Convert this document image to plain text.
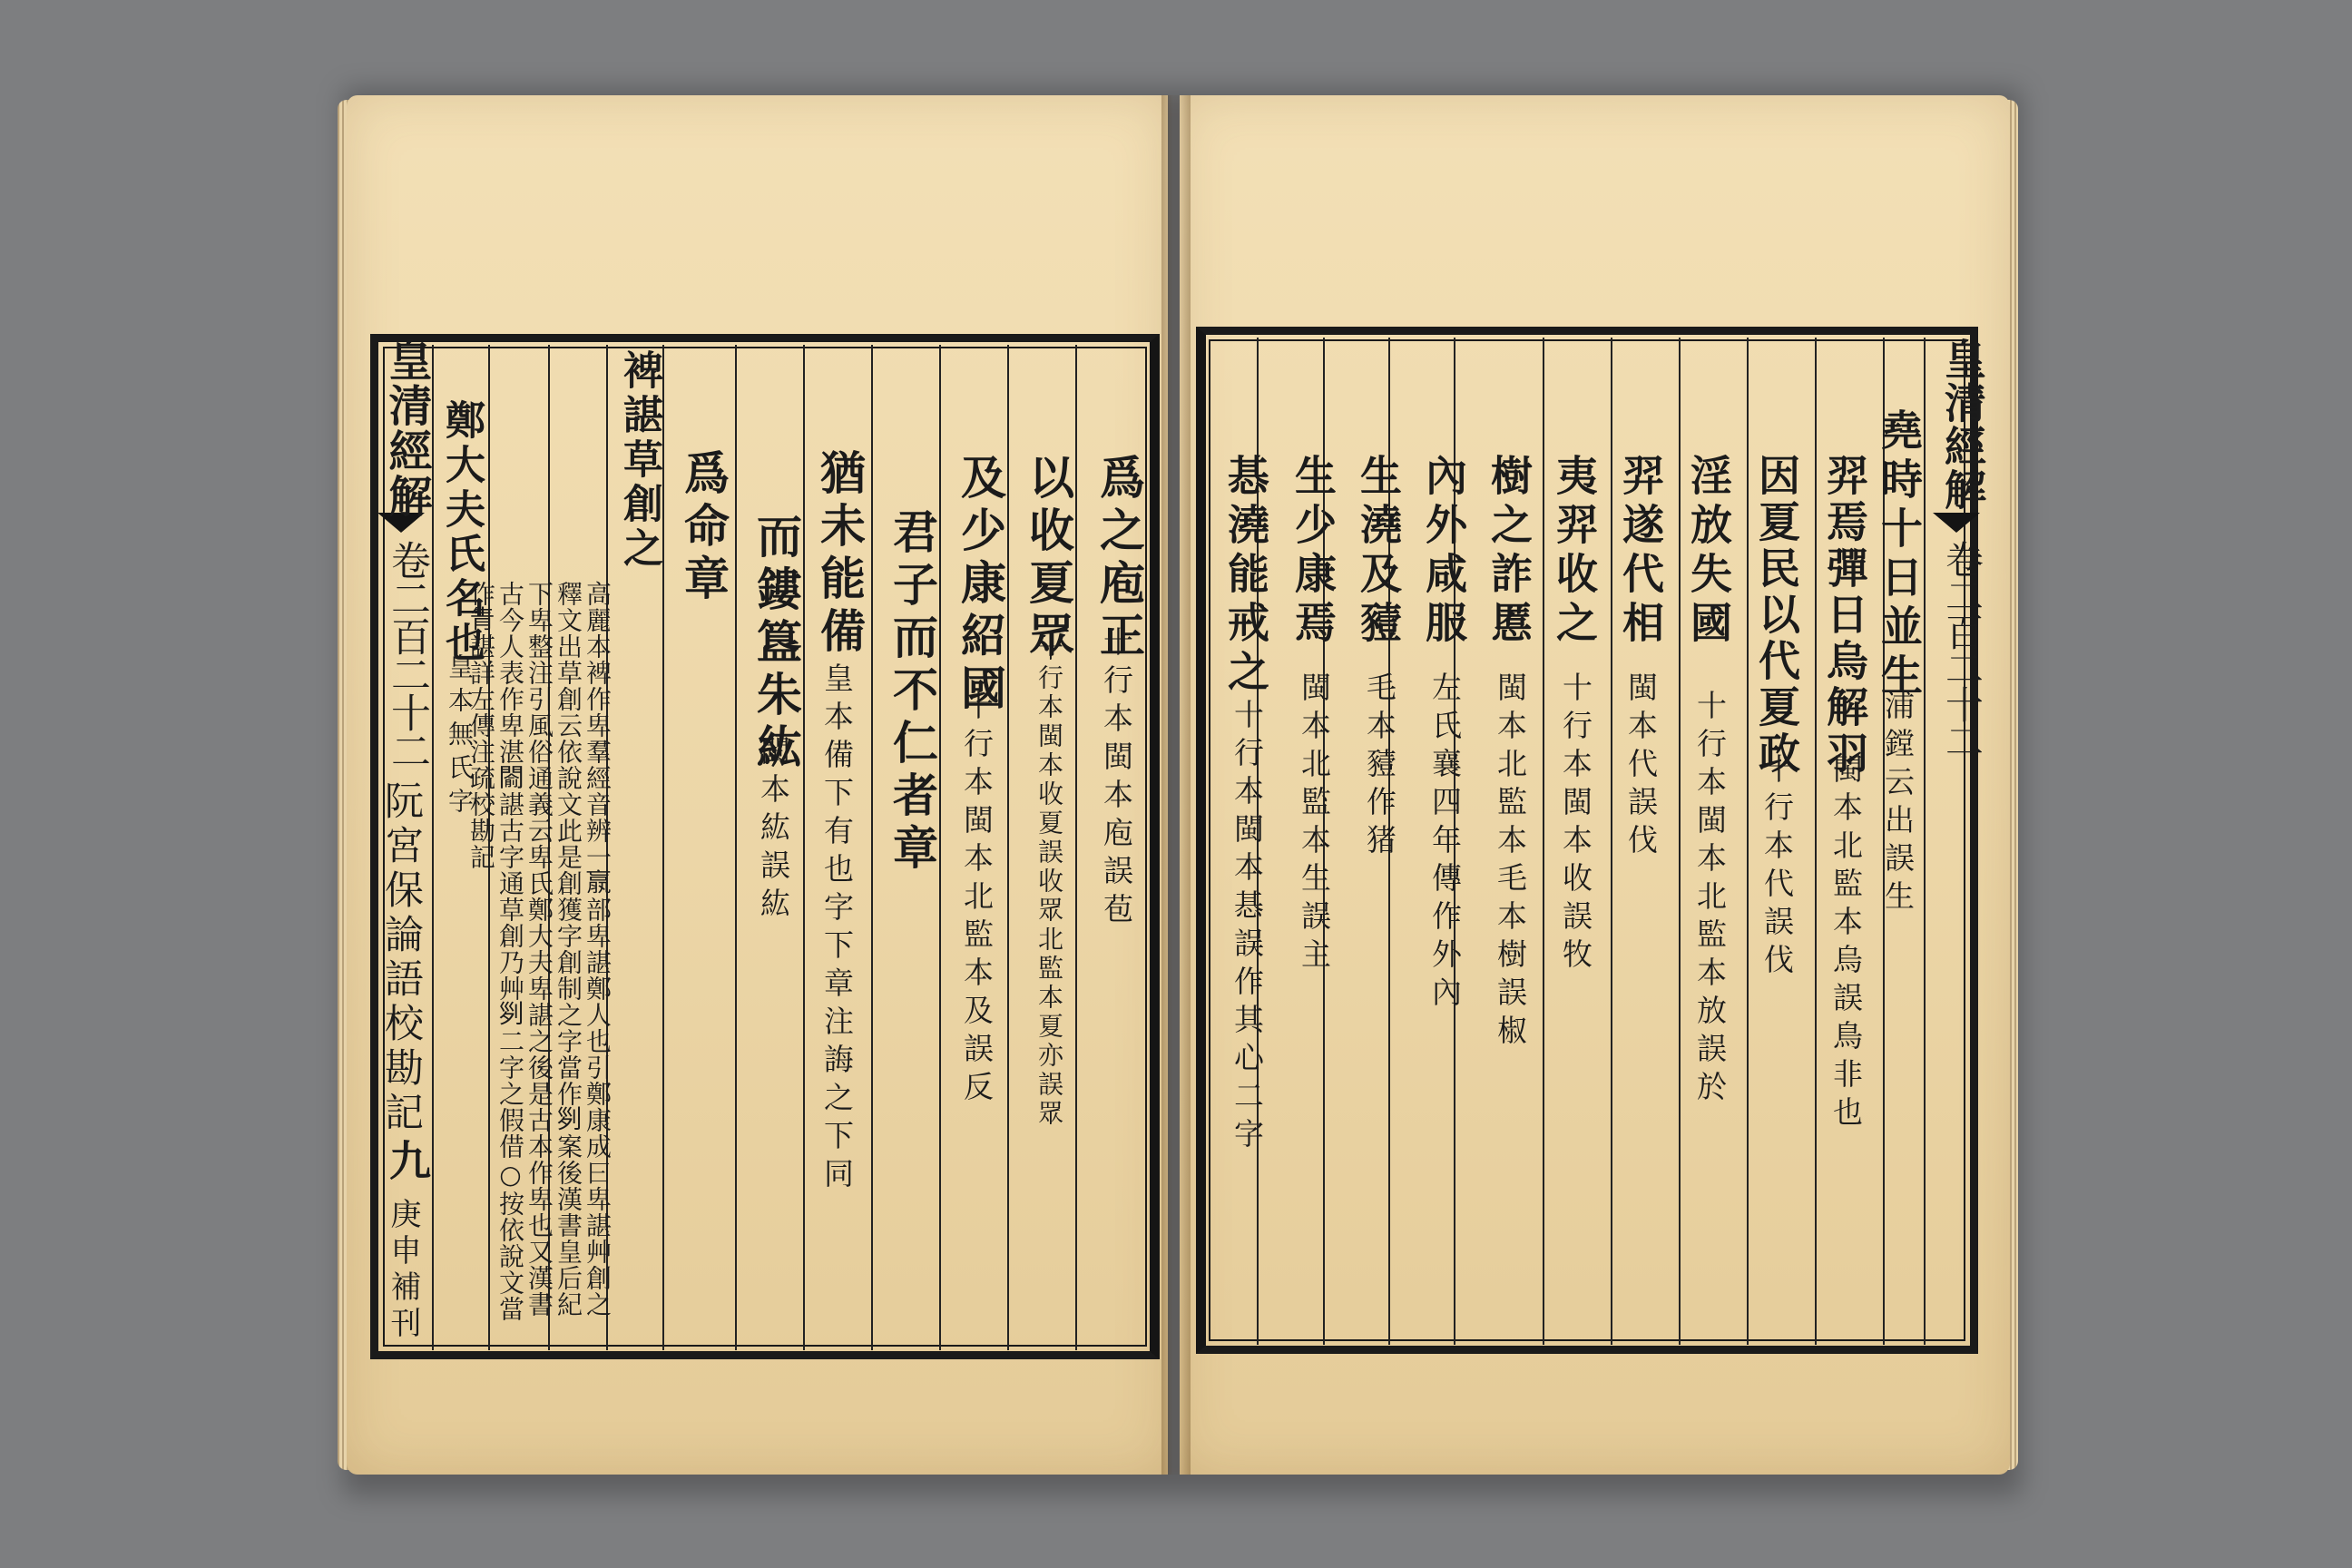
皇清經解
卷二百二十二
阮宮保論語校勘記
九
庚申補刊
爲之庖正
十行本閩本庖誤苞
以收夏眾
十行本閩本收夏誤收眾北監本夏亦誤眾
及少康紹國
十行本閩本北監本及誤反
君子而不仁者章
猶未能備
皇本備下有也字下章注誨之下同
而鏤簋朱紘
閩本紘誤紘
爲命章
裨諶草創之
高麗本裨作卑羣經音辨一𣎆部卑諶鄭人也引鄭康成曰卑諶艸創之釋文出草創云依說文此是創獲字創制之字當作𠛱案後漢書皇后紀下卑整注引風俗通義云卑氏鄭大夫卑諶之後是古本作卑也又漢書古今人表作卑湛𨵦諶古字通草創乃艸𠛱二字之假借○按依說文當作𤯝諶詳左傳注疏校勘記
鄭大夫氏名也
皇本無氏字
皇清經解
卷二百二十二
堯時十日並生
浦鏜云出誤生
羿焉彈日烏解羽
閩本北監本烏誤鳥非也
因夏民以代夏政
十行本代誤伐
淫放失國
十行本閩本北監本放誤於
羿遂代相
閩本代誤伐
夷羿收之
十行本閩本收誤牧
樹之詐慝
閩本北監本毛本樹誤椒
內外咸服
左氏襄四年傳作外內
生澆及豷
毛本豷作猪
生少康焉
閩本北監本生誤主
惎澆能戒之
十行本閩本惎誤作其心二字
